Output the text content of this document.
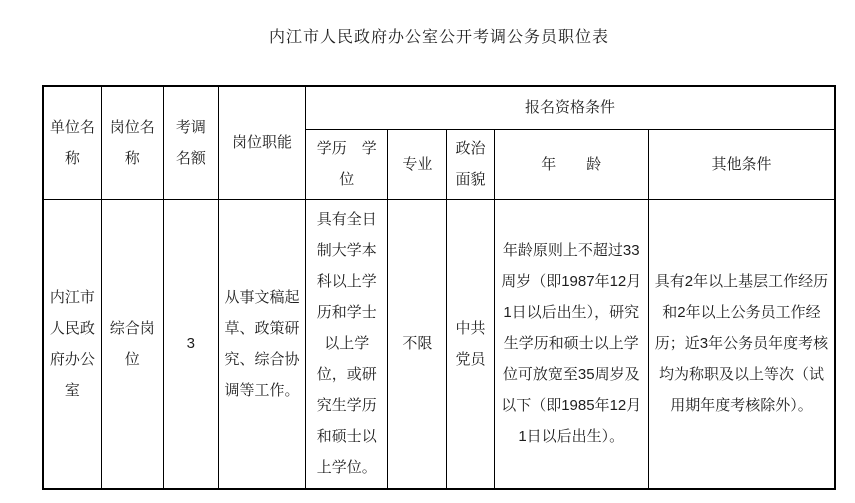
内江市人民政府办公室公开考调公务员职位表
单位名称	岗位名称	考调名额	岗位职能	报名资格条件				
				学历　学位	专业	政治面貌	年　　龄	其他条件
内江市人民政府办公室	综合岗位	3	从事文稿起草、政策研究、综合协调等工作。	具有全日制大学本科以上学历和学士以上学位，或研究生学历和硕士以上学位。	不限	中共党员	年龄原则上不超过33周岁（即1987年12月1日以后出生），研究生学历和硕士以上学位可放宽至35周岁及以下（即1985年12月1日以后出生）。	具有2年以上基层工作经历和2年以上公务员工作经历；近3年公务员年度考核均为称职及以上等次（试用期年度考核除外）。
